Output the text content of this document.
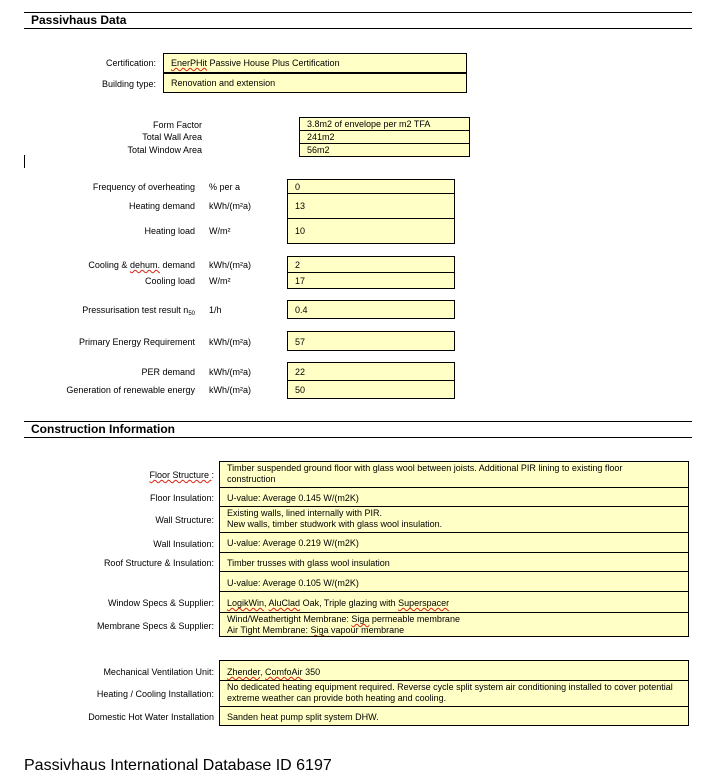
Passivhaus Data
Certification:	EnerPHit Passive House Plus Certification
Building type:	Renovation and extension
Form Factor	3.8m2 of envelope per m2 TFA
Total Wall Area	241m2
Total Window Area	56m2
Frequency of overheating % per a	0
Heating demand kWh/(m²a)	13
Heating load W/m²	10
Cooling & dehum. demand kWh/(m²a)	2
Cooling load W/m²	17
Pressurisation test result $n_{50}$ 1/h	0.4
Primary Energy Requirement kWh/(m²a)	57
PER demand kWh/(m²a)	22
Generation of renewable energy kWh/(m²a)	50
Construction Information
Floor Structure :
Timber suspended ground floor with glass wool between joists. Additional PIR lining to existing floor construction
Floor Insulation:	U-value: Average 0.145 W/(m2K)
Wall Structure:
Existing walls, lined internally with PIR.
New walls, timber studwork with glass wool insulation.
Wall Insulation:	U-value: Average 0.219 W/(m2K)
Roof Structure & Insulation:	Timber trusses with glass wool insulation
U-value: Average 0.105 W/(m2K)
Window Specs & Supplier:	LogikWin, AluClad Oak, Triple glazing with Superspacer
Membrane Specs & Supplier:
Wind/Weathertight Membrane: Siga permeable membrane
Air Tight Membrane: Siga vapour membrane
Mechanical Ventilation Unit:	Zhender, ComfoAir 350
Heating / Cooling Installation:
No dedicated heating equipment required. Reverse cycle split system air conditioning installed to cover potential extreme weather can provide both heating and cooling.
Domestic Hot Water Installation	Sanden heat pump split system DHW.
Passivhaus International Database ID 6197
